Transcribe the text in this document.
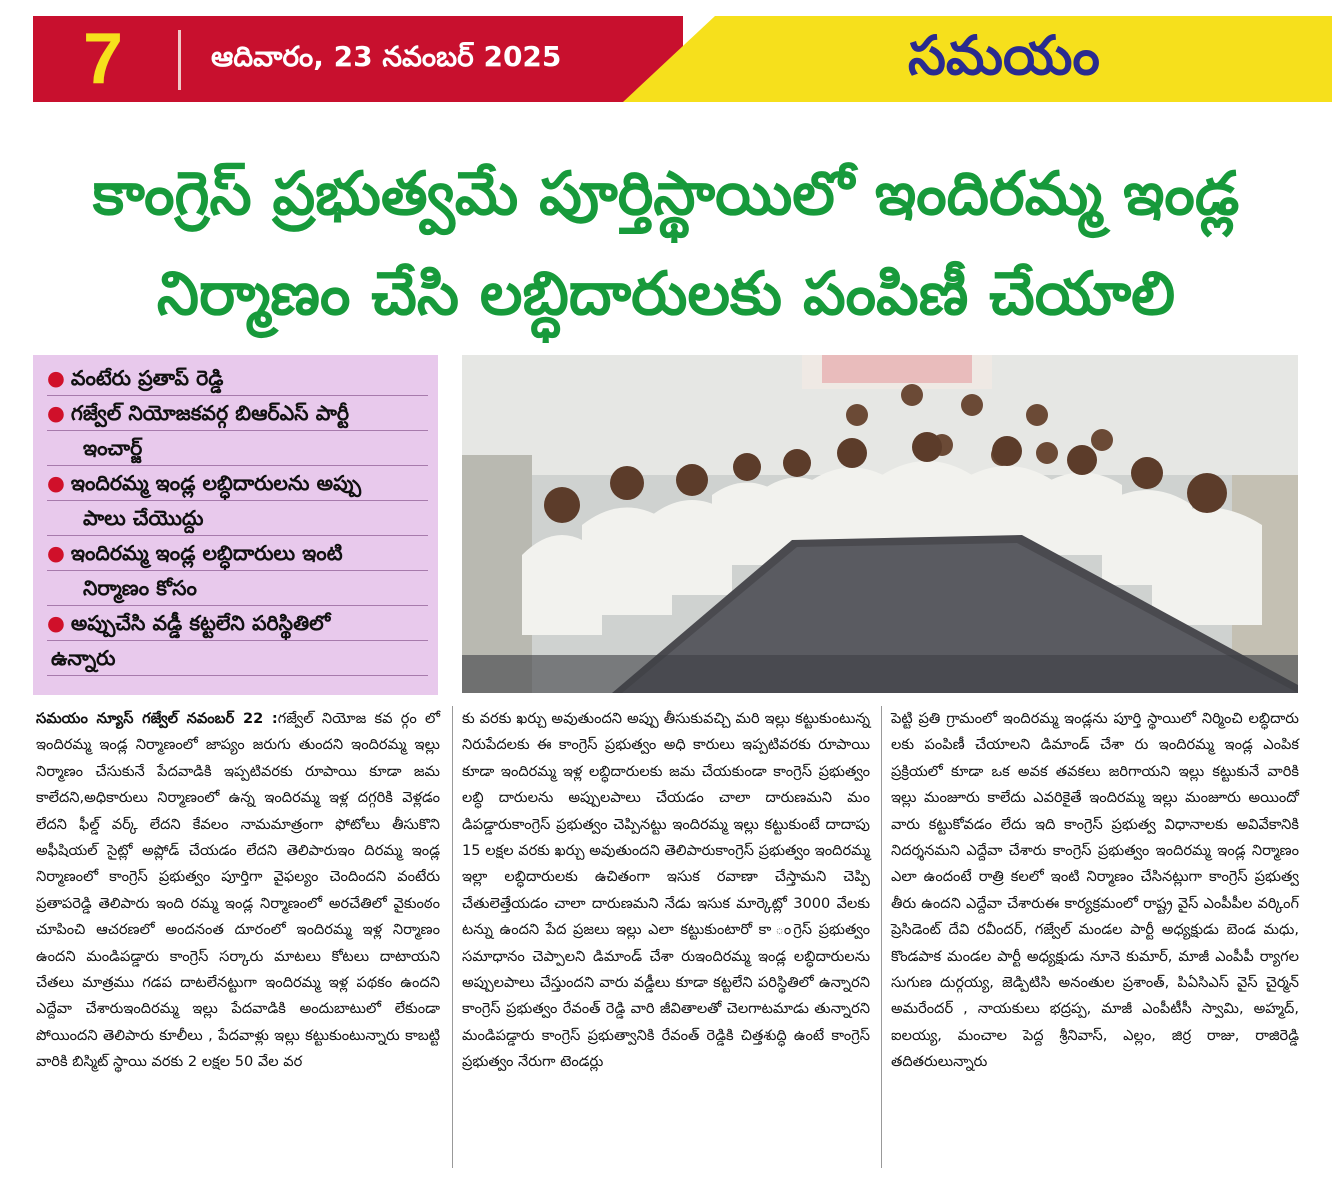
7	ఆదివారం, 23 నవంబర్ 2025	సమయం
కాంగ్రెస్ ప్రభుత్వమే పూర్తిస్థాయిలో ఇందిరమ్మ ఇండ్ల
నిర్మాణం చేసి లబ్ధిదారులకు పంపిణీ చేయాలి
● వంటేరు ప్రతాప్ రెడ్డి
● గజ్వేల్ నియోజకవర్గ బిఆర్ఎస్ పార్టీ
ఇంచార్జ్
● ఇందిరమ్మ ఇండ్ల లబ్ధిదారులను అప్పు
పాలు చేయొద్దు
● ఇందిరమ్మ ఇండ్ల లబ్ధిదారులు ఇంటి
నిర్మాణం కోసం
● అప్పుచేసి వడ్డీ కట్టలేని పరిస్థితిలో
ఉన్నారు

సమయం న్యూస్ గజ్వేల్ నవంబర్ 22 :గజ్వేల్ నియోజ కవ ర్గం లో ఇందిరమ్మ ఇండ్ల నిర్మాణంలో జాప్యం జరుగు తుందని ఇందిరమ్మ ఇల్లు నిర్మాణం చేసుకునే పేదవాడికి ఇప్పటివరకు రూపాయి కూడా జమ కాలేదని,అధికారులు నిర్మాణంలో ఉన్న ఇందిరమ్మ ఇళ్ల దగ్గరికి వెళ్లడం లేదని ఫీల్డ్ వర్క్ లేదని కేవలం నామమాత్రంగా ఫోటోలు తీసుకొని అఫీషియల్ సైట్లో అప్లోడ్ చేయడం లేదని తెలిపారుఇం దిరమ్మ ఇండ్ల నిర్మాణంలో కాంగ్రెస్ ప్రభుత్వం పూర్తిగా వైఫల్యం చెందిందని వంటేరు ప్రతాపరెడ్డి తెలిపారు ఇంది రమ్మ ఇండ్ల నిర్మాణంలో అరచేతిలో వైకుంఠం చూపించి ఆచరణలో అందనంత దూరంలో ఇందిరమ్మ ఇళ్ల నిర్మాణం ఉందని మండిపడ్డారు కాంగ్రెస్ సర్కారు మాటలు కోటలు దాటాయని చేతలు మాత్రము గడప దాటలేనట్టుగా ఇందిరమ్మ ఇళ్ల పథకం ఉందని ఎద్దేవా చేశారుఇందిరమ్మ ఇల్లు పేదవాడికి అందుబాటులో లేకుండా పోయిందని తెలిపారు కూలీలు , పేదవాళ్లు ఇల్లు కట్టుకుంటున్నారు కాబట్టి వారికి బిస్మిట్ స్థాయి వరకు 2 లక్షల 50 వేల వర

కు వరకు ఖర్చు అవుతుందని అప్పు తీసుకువచ్చి మరి ఇల్లు కట్టుకుంటున్న నిరుపేదలకు ఈ కాంగ్రెస్ ప్రభుత్వం అధి కారులు ఇప్పటివరకు రూపాయి కూడా ఇందిరమ్మ ఇళ్ల లబ్ధిదారులకు జమ చేయకుండా కాంగ్రెస్ ప్రభుత్వం లబ్ధి దారులను అప్పులపాలు చేయడం చాలా దారుణమని మం డిపడ్డారుకాంగ్రెస్ ప్రభుత్వం చెప్పినట్టు ఇందిరమ్మ ఇల్లు కట్టుకుంటే దాదాపు 15 లక్షల వరకు ఖర్చు అవుతుందని తెలిపారుకాంగ్రెస్ ప్రభుత్వం ఇందిరమ్మ ఇల్లా లబ్ధిదారులకు ఉచితంగా ఇసుక రవాణా చేస్తామని చెప్పి చేతులెత్తేయడం చాలా దారుణమని నేడు ఇసుక మార్కెట్లో 3000 వేలకు టన్ను ఉందని పేద ప్రజలు ఇల్లు ఎలా కట్టుకుంటారో కా ంగ్రెస్ ప్రభుత్వం సమాధానం చెప్పాలని డిమాండ్ చేశా రుఇందిరమ్మ ఇండ్ల లబ్ధిదారులను అప్పులపాలు చేస్తుందని వారు వడ్డీలు కూడా కట్టలేని పరిస్థితిలో ఉన్నారని కాంగ్రెస్ ప్రభుత్వం రేవంత్ రెడ్డి వారి జీవితాలతో చెలగాటమాడు తున్నారని మండిపడ్డారు కాంగ్రెస్ ప్రభుత్వానికి రేవంత్ రెడ్డికి చిత్తశుద్ధి ఉంటే కాంగ్రెస్ ప్రభుత్వం నేరుగా టెండర్లు

పెట్టి ప్రతి గ్రామంలో ఇందిరమ్మ ఇండ్లను పూర్తి స్థాయిలో నిర్మించి లబ్ధిదారు లకు పంపిణీ చేయాలని డిమాండ్ చేశా రు ఇందిరమ్మ ఇండ్ల ఎంపిక ప్రక్రియలో కూడా ఒక అవక తవకలు జరిగాయని ఇల్లు కట్టుకునే వారికి ఇల్లు మంజూరు కాలేదు ఎవరికైతే ఇందిరమ్మ ఇల్లు మంజూరు అయిందో వారు కట్టుకోవడం లేదు ఇది కాంగ్రెస్ ప్రభుత్వ విధానాలకు అవివేకానికి నిదర్శనమని ఎద్దేవా చేశారు కాంగ్రెస్ ప్రభుత్వం ఇందిరమ్మ ఇండ్ల నిర్మాణం ఎలా ఉందంటే రాత్రి కలలో ఇంటి నిర్మాణం చేసినట్లుగా కాంగ్రెస్ ప్రభుత్వ తీరు ఉందని ఎద్దేవా చేశారుఈ కార్యక్రమంలో రాష్ట్ర వైస్ ఎంపీపీల వర్కింగ్ ప్రెసిడెంట్ దేవి రవీందర్, గజ్వేల్ మండల పార్టీ అధ్యక్షుడు బెండ మధు, కొండపాక మండల పార్టీ అధ్యక్షుడు నూనె కుమార్, మాజీ ఎంపీపీ ర్యాగల సుగుణ దుర్గయ్య, జెడ్పిటిసి అనంతుల ప్రశాంత్, పిఏసిఎస్ వైస్ చైర్మన్ అమరేందర్ , నాయకులు భద్రప్ప, మాజీ ఎంపీటీసీ స్వామి, అహ్మద్, ఐలయ్య, మంచాల పెద్ద శ్రీనివాస్, ఎల్లం, జిర్ర రాజు, రాజిరెడ్డి తదితరులున్నారు
